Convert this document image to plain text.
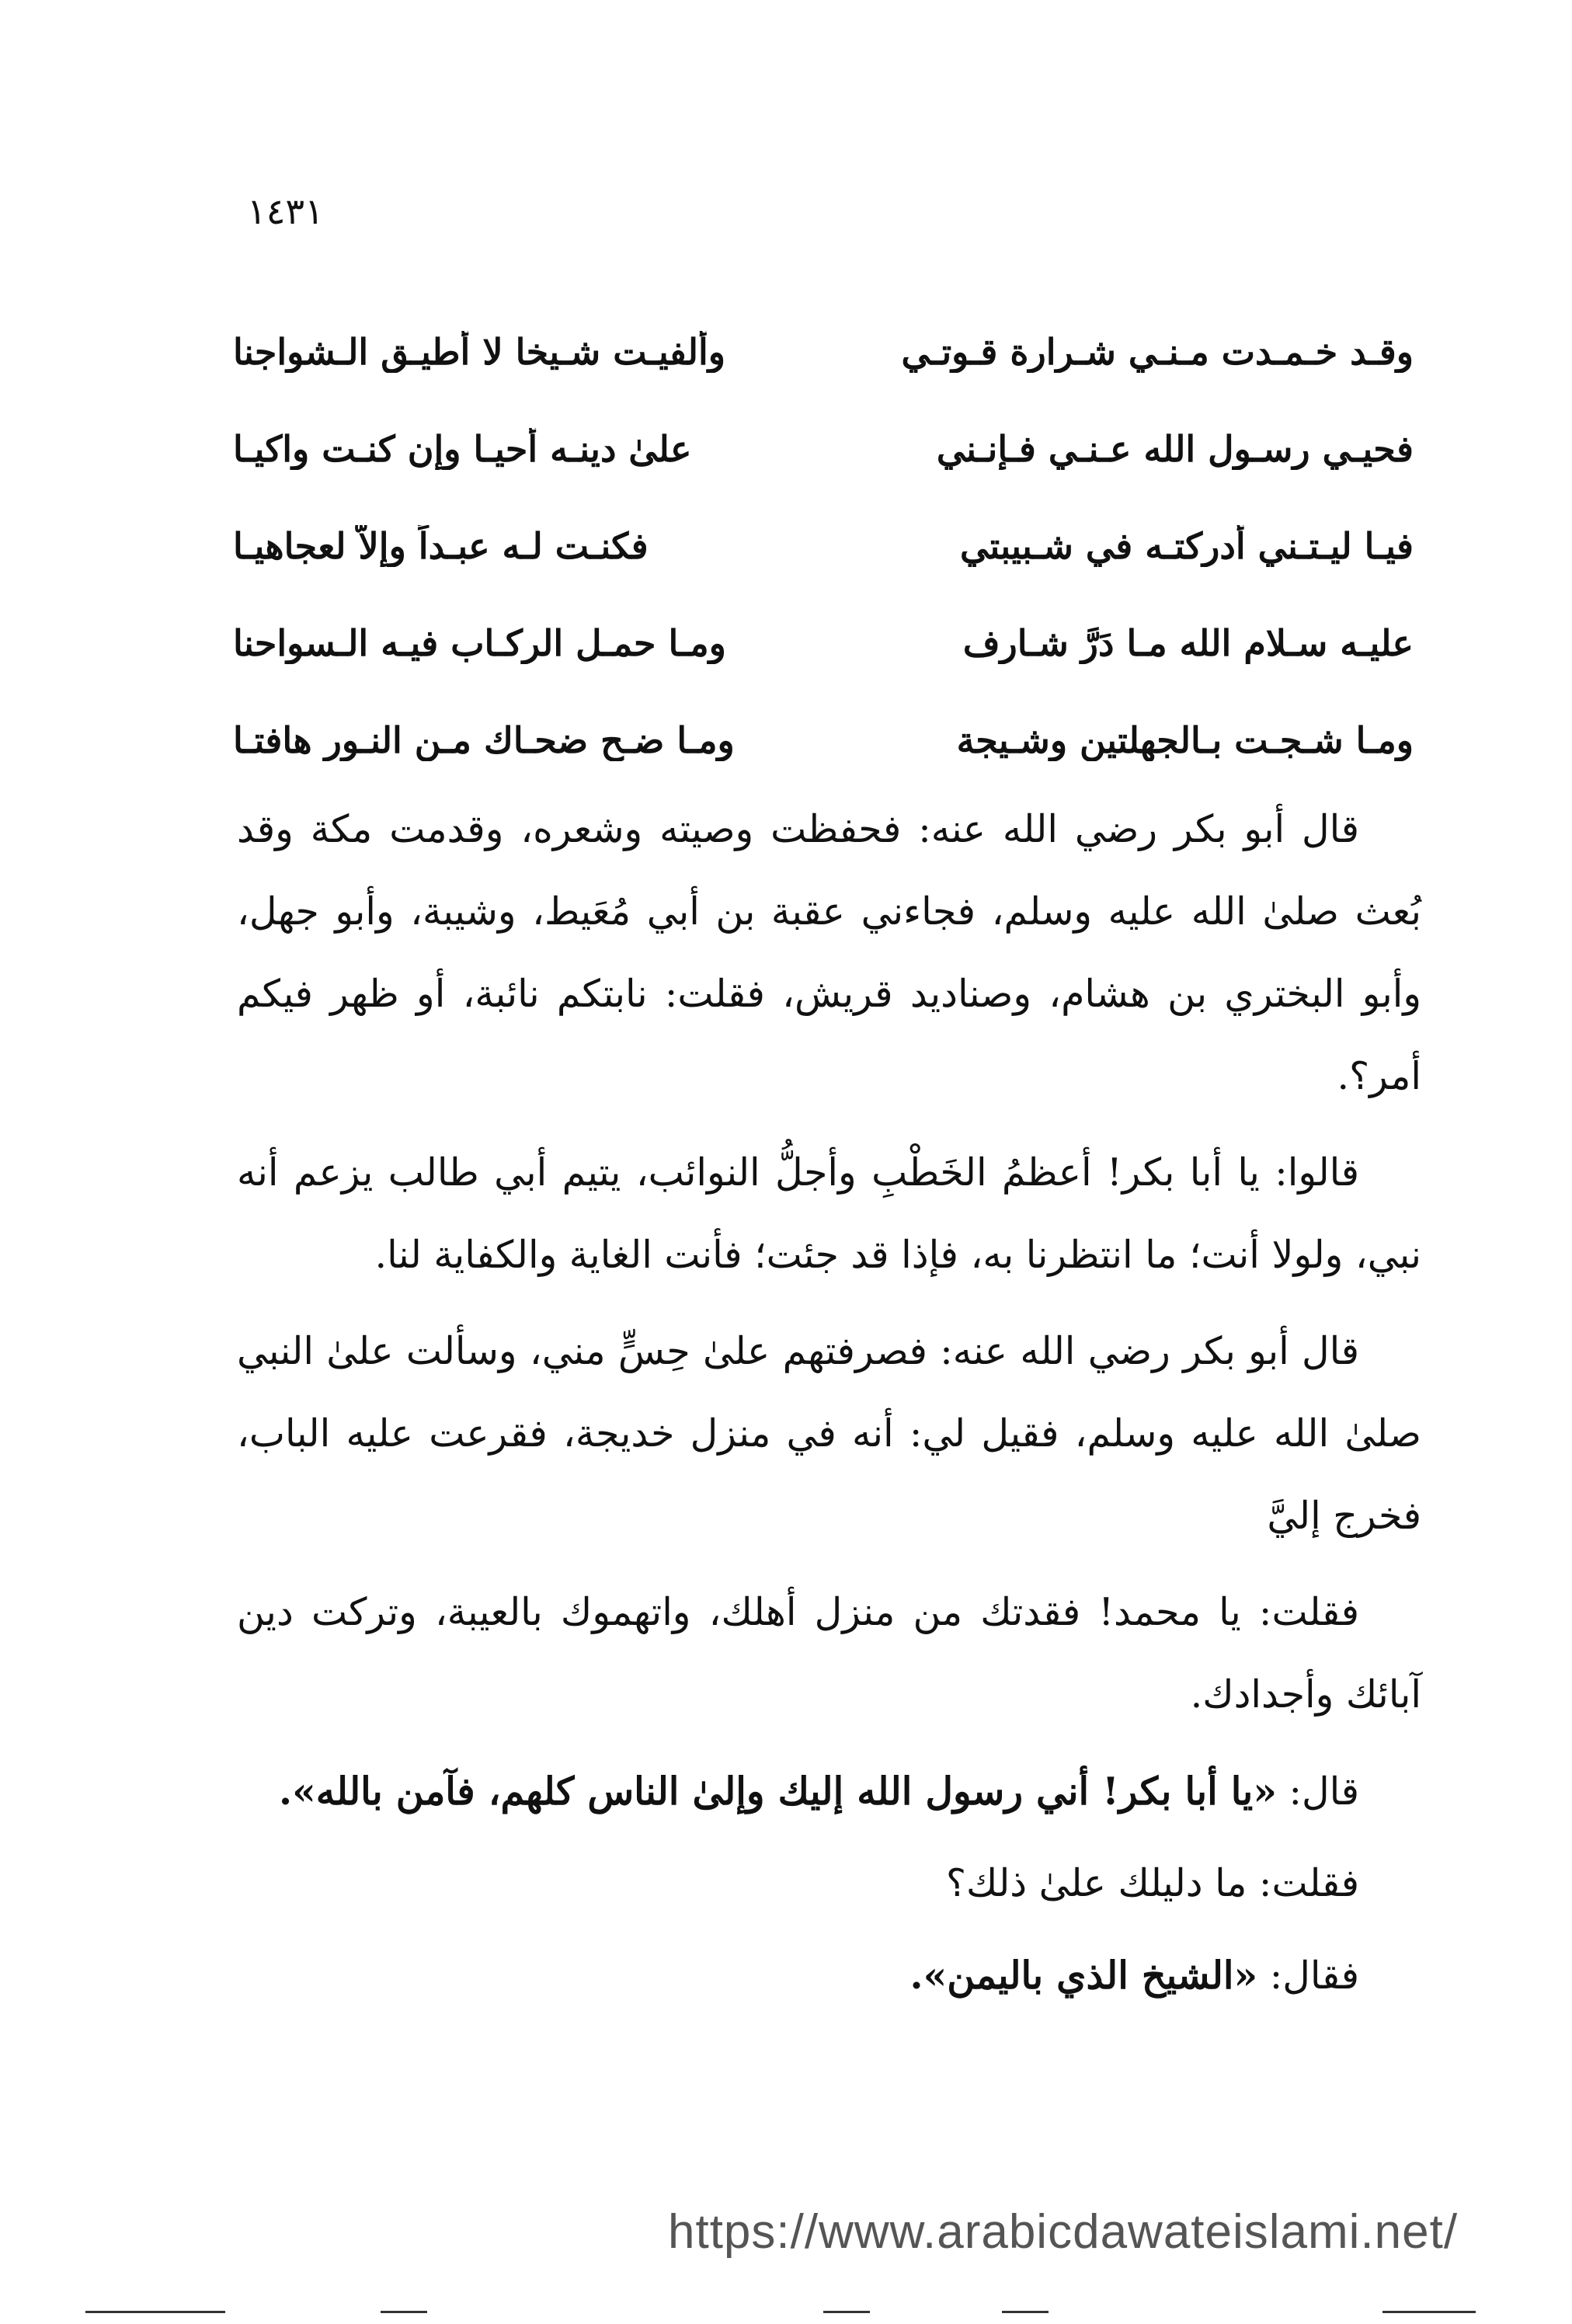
١٤٣١
وقـد خـمـدت مـنـي شـرارة قـوتـي
وألفيـت شـيخا لا أطيـق الـشواجنا
فحيـي رسـول الله عـنـي فـإنـني
علىٰ دينـه أحيـا وإن كنـت واكيـا
فيـا ليـتـني أدركتـه في شـبيبتي
فكنـت لـه عبـداً وإلاَّ لعجاهيـا
عليـه سـلام الله مـا دَرَّ شـارف
ومـا حمـل الركـاب فيـه الـسواحنا
ومـا شـجـت بـالجهلتين وشـيجة
ومـا ضـح ضحـاك مـن النـور هافتـا

قال أبو بكر رضي الله عنه: فحفظت وصيته وشعره، وقدمت مكة وقد بُعث صلىٰ الله عليه وسلم، فجاءني عقبة بن أبي مُعَيط، وشيبة، وأبو جهل، وأبو البختري بن هشام، وصناديد قريش، فقلت: نابتكم نائبة، أو ظهر فيكم أمر؟.

قالوا: يا أبا بكر! أعظمُ الخَطْبِ وأجلُّ النوائب، يتيم أبي طالب يزعم أنه نبي، ولولا أنت؛ ما انتظرنا به، فإذا قد جئت؛ فأنت الغاية والكفاية لنا.

قال أبو بكر رضي الله عنه: فصرفتهم علىٰ حِسٍّ مني، وسألت علىٰ النبي صلىٰ الله عليه وسلم، فقيل لي: أنه في منزل خديجة، فقرعت عليه الباب، فخرج إليَّ

فقلت: يا محمد! فقدتك من منزل أهلك، واتهموك بالعيبة، وتركت دين آبائك وأجدادك.

قال: «يا أبا بكر! أني رسول الله إليك وإلىٰ الناس كلهم، فآمن بالله».

فقلت: ما دليلك علىٰ ذلك؟

فقال: «الشيخ الذي باليمن».

https://www.arabicdawateislami.net/
